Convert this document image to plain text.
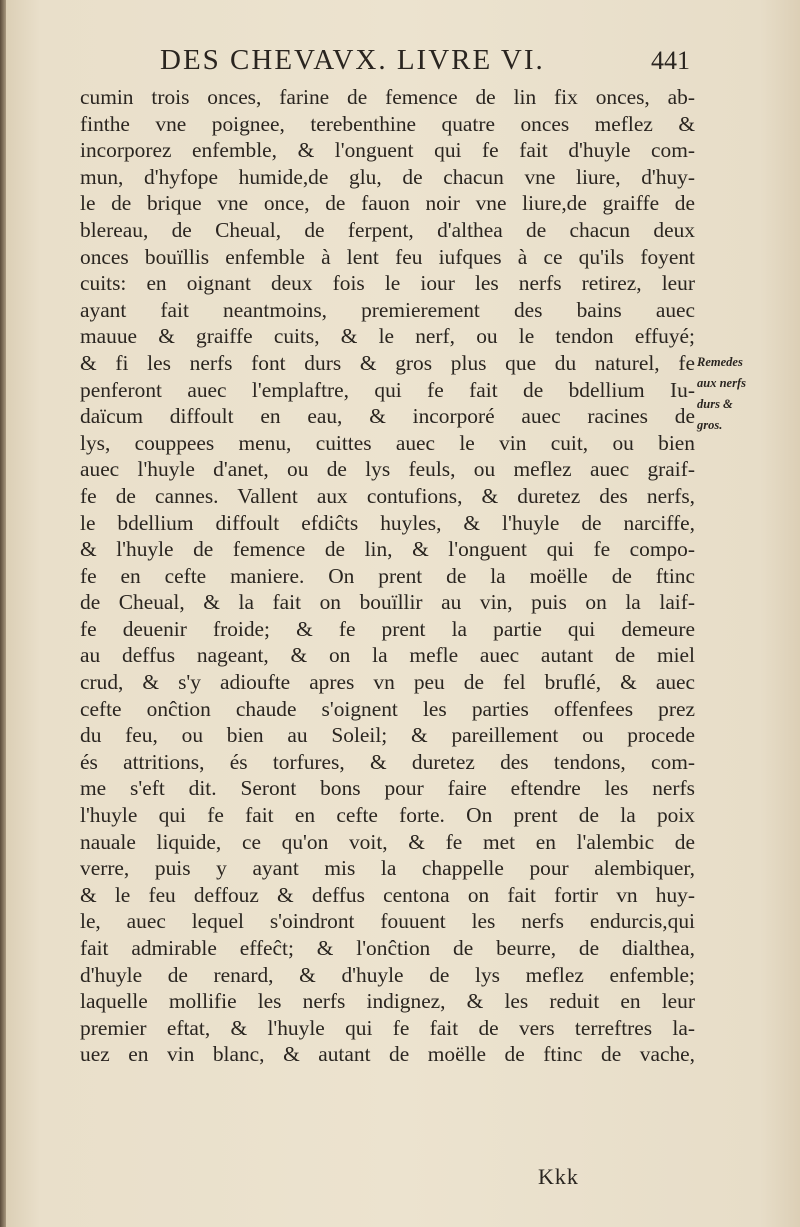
DES CHEVAVX. LIVRE VI.	441
cumin trois onces, farine de femence de lin fix onces, ab-
finthe vne poignee, terebenthine quatre onces meflez &
incorporez enfemble, & l'onguent qui fe fait d'huyle com-
mun, d'hyfope humide,de glu, de chacun vne liure, d'huy-
le de brique vne once, de fauon noir vne liure,de graiffe de
blereau, de Cheual, de ferpent, d'althea de chacun deux
onces bouïllis enfemble à lent feu iufques à ce qu'ils foyent
cuits: en oignant deux fois le iour les nerfs retirez, leur
ayant fait neantmoins, premierement des bains auec
mauue & graiffe cuits, & le nerf, ou le tendon effuyé;
& fi les nerfs font durs & gros plus que du naturel, fe
penferont auec l'emplaftre, qui fe fait de bdellium Iu-
daïcum diffoult en eau, & incorporé auec racines de
lys, couppees menu, cuittes auec le vin cuit, ou bien
auec l'huyle d'anet, ou de lys feuls, ou meflez auec graif-
fe de cannes. Vallent aux contufions, & duretez des nerfs,
le bdellium diffoult efdiĉts huyles, & l'huyle de narciffe,
& l'huyle de femence de lin, & l'onguent qui fe compo-
fe en cefte maniere. On prent de la moëlle de ftinc
de Cheual, & la fait on bouïllir au vin, puis on la laif-
fe deuenir froide; & fe prent la partie qui demeure
au deffus nageant, & on la mefle auec autant de miel
crud, & s'y adioufte apres vn peu de fel bruflé, & auec
cefte onĉtion chaude s'oignent les parties offenfees prez
du feu, ou bien au Soleil; & pareillement ou procede
és attritions, és torfures, & duretez des tendons, com-
me s'eft dit. Seront bons pour faire eftendre les nerfs
l'huyle qui fe fait en cefte forte. On prent de la poix
nauale liquide, ce qu'on voit, & fe met en l'alembic de
verre, puis y ayant mis la chappelle pour alembiquer,
& le feu deffouz & deffus centona on fait fortir vn huy-
le, auec lequel s'oindront fouuent les nerfs endurcis,qui
fait admirable effeĉt; & l'onĉtion de beurre, de dialthea,
d'huyle de renard, & d'huyle de lys meflez enfemble;
laquelle mollifie les nerfs indignez, & les reduit en leur
premier eftat, & l'huyle qui fe fait de vers terreftres la-
uez en vin blanc, & autant de moëlle de ftinc de vache,
Remedes
aux nerfs
durs &
gros.
Kkk
